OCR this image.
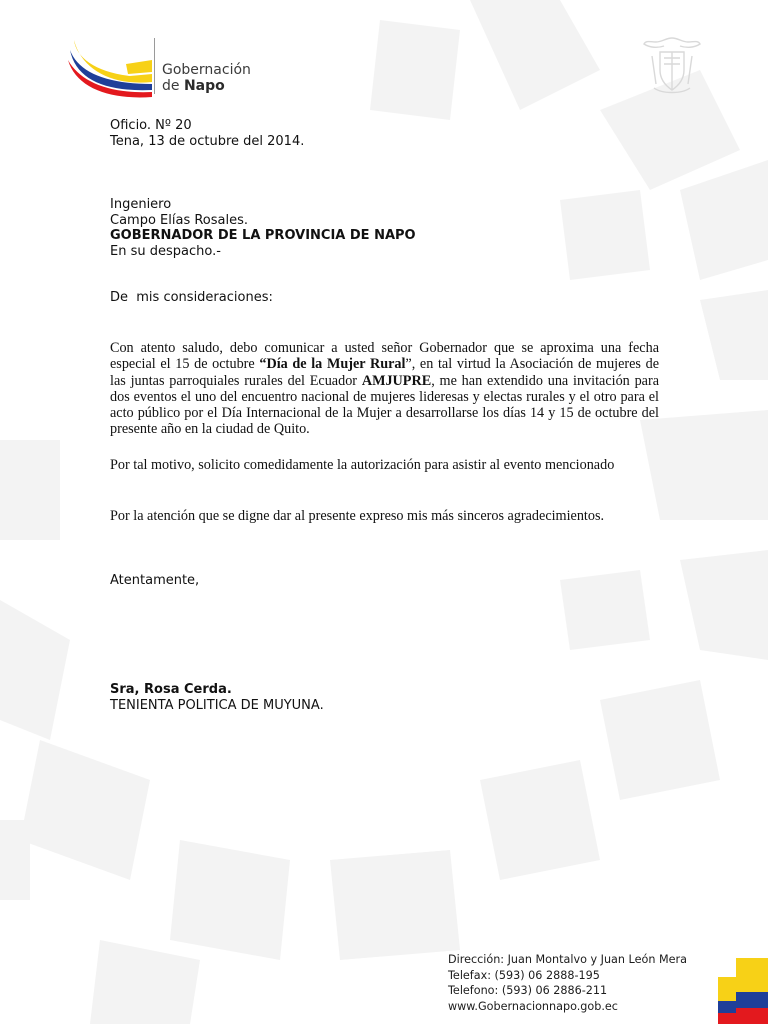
Gobernación
de Napo
Oficio. Nº 20
Tena, 13 de octubre del 2014.
Ingeniero
Campo Elías Rosales.
GOBERNADOR DE LA PROVINCIA DE NAPO
En su despacho.-
De  mis consideraciones:
Con atento saludo, debo comunicar a usted señor Gobernador que se aproxima una fecha especial el 15 de octubre “Día de la Mujer Rural”, en tal virtud la Asociación de mujeres de las juntas parroquiales rurales del Ecuador AMJUPRE, me han extendido una invitación para dos eventos el uno del encuentro nacional de mujeres lideresas y electas rurales y el otro para el acto público por el Día Internacional de la Mujer a desarrollarse los días 14 y 15 de octubre del presente año en la ciudad de Quito.
Por tal motivo, solicito comedidamente la autorización para asistir al evento mencionado
Por la atención que se digne dar al presente expreso mis más sinceros agradecimientos.
Atentamente,
Sra, Rosa Cerda.
TENIENTA POLITICA DE MUYUNA.
Dirección: Juan Montalvo y Juan León Mera
Telefax: (593) 06 2888-195
Telefono: (593) 06 2886-211
www.Gobernacionnapo.gob.ec
